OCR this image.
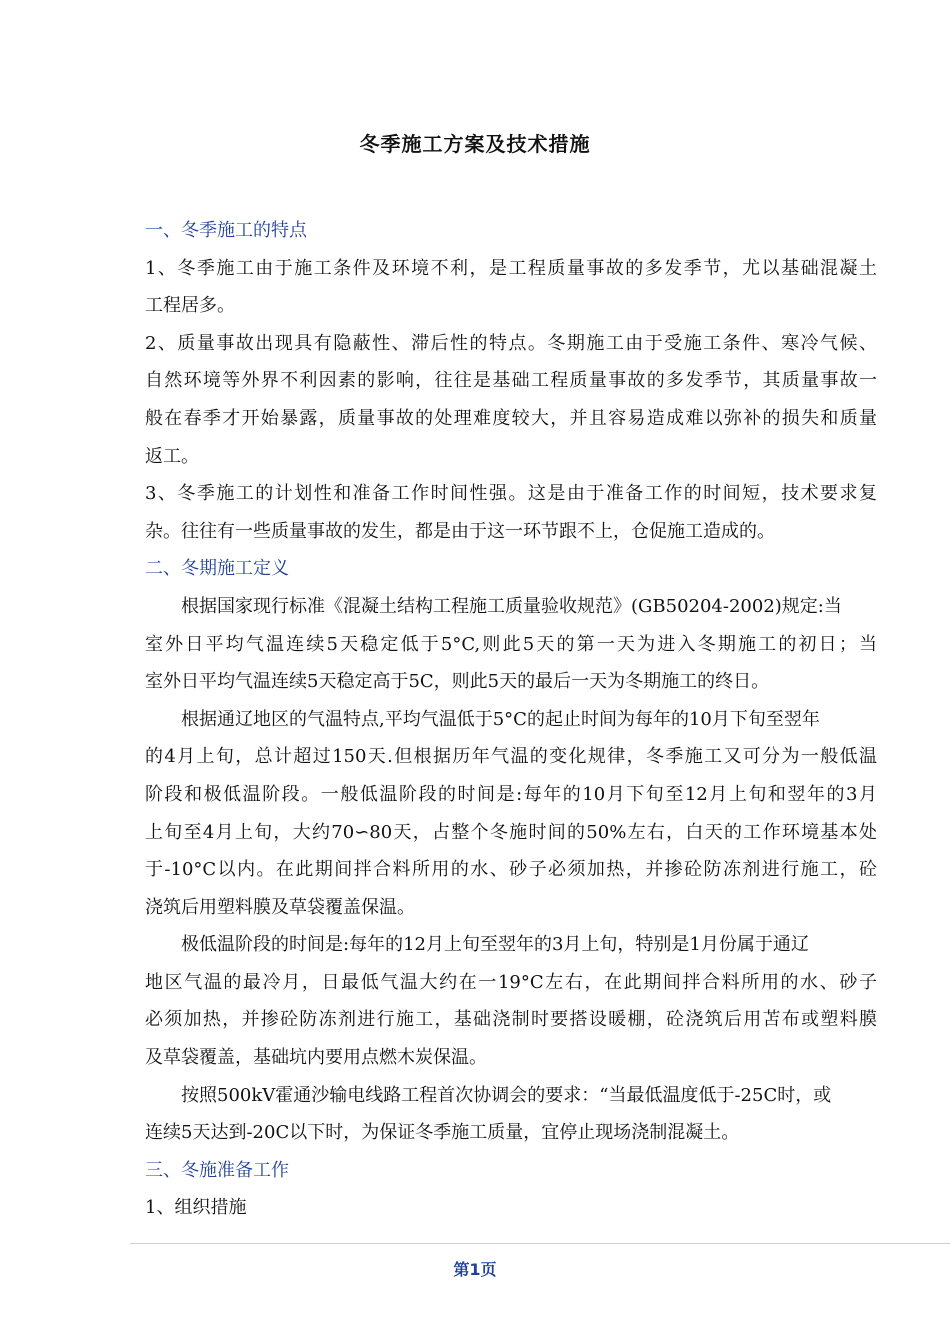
冬季施工方案及技术措施
一、冬季施工的特点
1、冬季施工由于施工条件及环境不利，是工程质量事故的多发季节，尤以基础混凝土
工程居多。
2、质量事故出现具有隐蔽性、滞后性的特点。冬期施工由于受施工条件、寒冷气候、
自然环境等外界不利因素的影响，往往是基础工程质量事故的多发季节，其质量事故一
般在春季才开始暴露，质量事故的处理难度较大，并且容易造成难以弥补的损失和质量
返工。
3、冬季施工的计划性和准备工作时间性强。这是由于准备工作的时间短，技术要求复
杂。往往有一些质量事故的发生，都是由于这一环节跟不上，仓促施工造成的。
二、冬期施工定义
根据国家现行标准《混凝土结构工程施工质量验收规范》(GB50204-2002)规定:当
室外日平均气温连续5天稳定低于5°C,则此5天的第一天为进入冬期施工的初日；当
室外日平均气温连续5天稳定高于5C，则此5天的最后一天为冬期施工的终日。
根据通辽地区的气温特点,平均气温低于5°C的起止时间为每年的10月下旬至翌年
的4月上旬，总计超过150天.但根据历年气温的变化规律，冬季施工又可分为一般低温
阶段和极低温阶段。一般低温阶段的时间是:每年的10月下旬至12月上旬和翌年的3月
上旬至4月上旬，大约70∽80天，占整个冬施时间的50%左右，白天的工作环境基本处
于-10°C以内。在此期间拌合料所用的水、砂子必须加热，并掺砼防冻剂进行施工，砼
浇筑后用塑料膜及草袋覆盖保温。
极低温阶段的时间是:每年的12月上旬至翌年的3月上旬，特别是1月份属于通辽
地区气温的最冷月，日最低气温大约在一19°C左右，在此期间拌合料所用的水、砂子
必须加热，并掺砼防冻剂进行施工，基础浇制时要搭设暖棚，砼浇筑后用苫布或塑料膜
及草袋覆盖，基础坑内要用点燃木炭保温。
按照500kV霍通沙输电线路工程首次协调会的要求：“当最低温度低于-25C时，或
连续5天达到-20C以下时，为保证冬季施工质量，宜停止现场浇制混凝土。
三、冬施准备工作
1、组织措施
第1页
